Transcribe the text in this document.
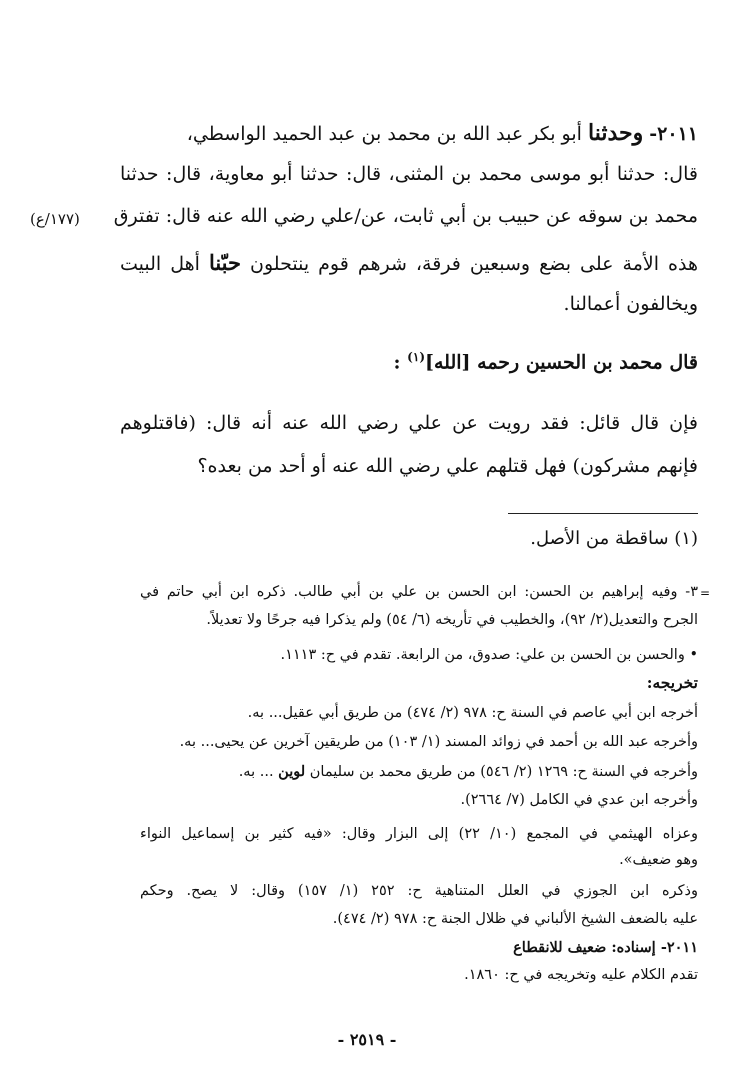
٢٠١١- وحدثنا أبو بكر عبد الله بن محمد بن عبد الحميد الواسطي،
قال: حدثنا أبو موسى محمد بن المثنى، قال: حدثنا أبو معاوية، قال: حدثنا
محمد بن سوقه عن حبيب بن أبي ثابت، عن/علي رضي الله عنه قال: تفترق
هذه الأمة على بضع وسبعين فرقة، شرهم قوم ينتحلون حبّنا أهل البيت
ويخالفون أعمالنا.
(١٧٧/ع)
قال محمد بن الحسين رحمه [الله]$^{(١)}$ :
فإن قال قائل: فقد رويت عن علي رضي الله عنه أنه قال: (فاقتلوهم
فإنهم مشركون) فهل قتلهم علي رضي الله عنه أو أحد من بعده؟
(١) ساقطة من الأصل.
=
٣- وفيه إبراهيم بن الحسن: ابن الحسن بن علي بن أبي طالب. ذكره ابن أبي حاتم في
الجرح والتعديل(٢/ ٩٢)، والخطيب في تأريخه (٦/ ٥٤) ولم يذكرا فيه جرحًا ولا تعديلاً.
• والحسن بن الحسن بن علي: صدوق، من الرابعة. تقدم في ح: ١١١٣.
تخريجه:
أخرجه ابن أبي عاصم في السنة ح: ٩٧٨ (٢/ ٤٧٤) من طريق أبي عقيل... به.
وأخرجه عبد الله بن أحمد في زوائد المسند (١/ ١٠٣) من طريقين آخرين عن يحيى... به.
وأخرجه في السنة ح: ١٢٦٩ (٢/ ٥٤٦) من طريق محمد بن سليمان لوين ... به.
وأخرجه ابن عدي في الكامل (٧/ ٢٦٦٤).
وعزاه الهيثمي في المجمع (١٠/ ٢٢) إلى البزار وقال: «فيه كثير بن إسماعيل النواء
وهو ضعيف».
وذكره ابن الجوزي في العلل المتناهية ح: ٢٥٢ (١/ ١٥٧) وقال: لا يصح. وحكم
عليه بالضعف الشيخ الألباني في ظلال الجنة ح: ٩٧٨ (٢/ ٤٧٤).
٢٠١١- إسناده: ضعيف للانقطاع
تقدم الكلام عليه وتخريجه في ح: ١٨٦٠.
- ٢٥١٩ -
